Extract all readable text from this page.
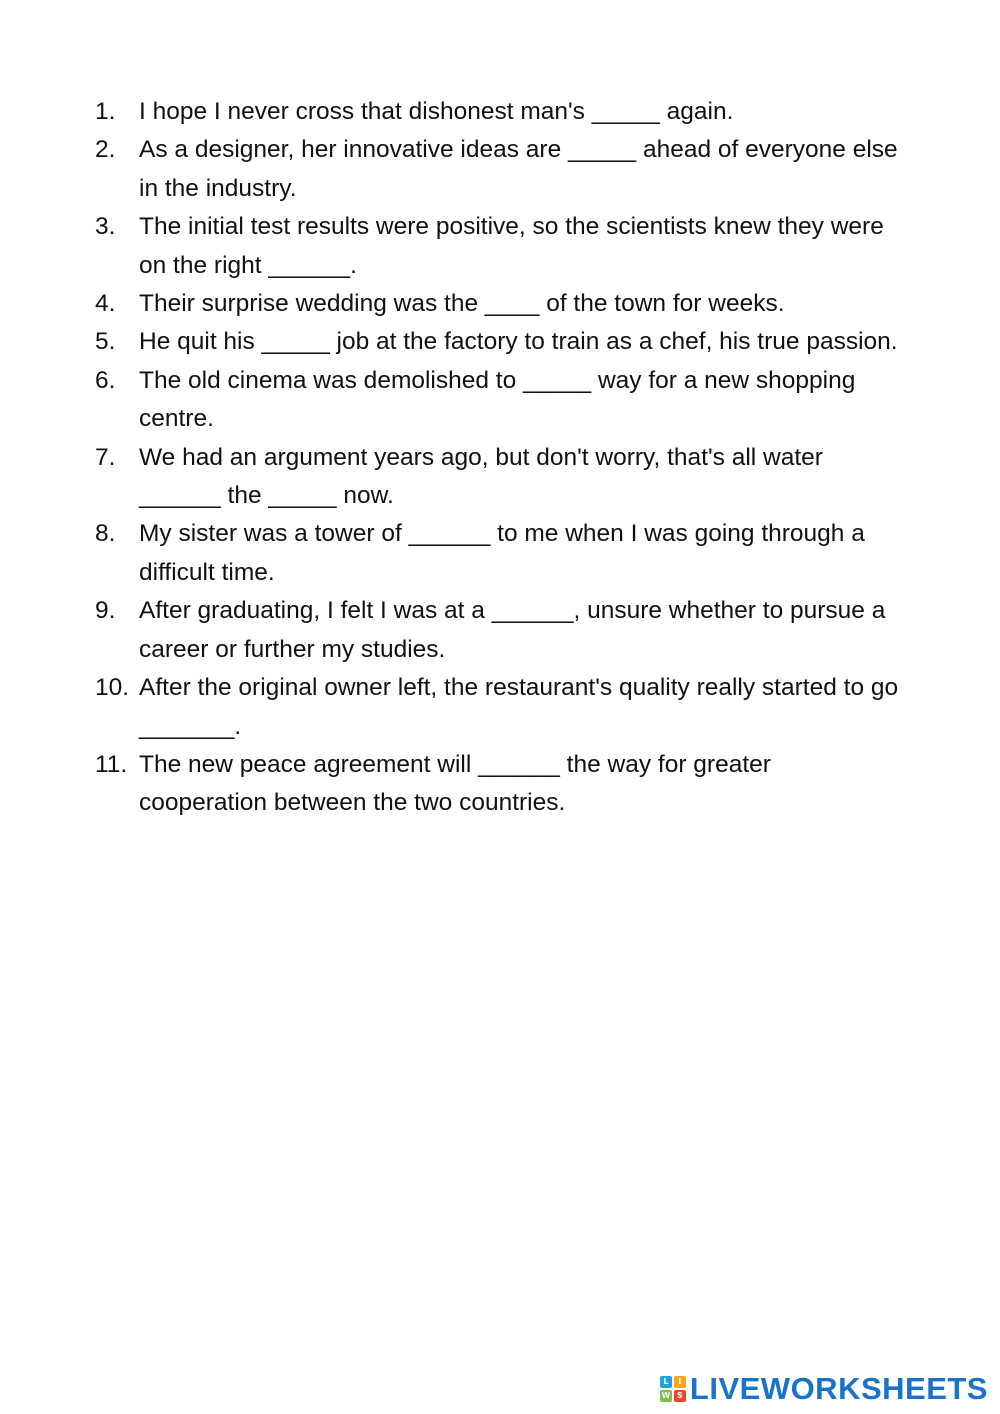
1. I hope I never cross that dishonest man's _____ again.
2. As a designer, her innovative ideas are _____ ahead of everyone else in the industry.
3. The initial test results were positive, so the scientists knew they were on the right ______.
4. Their surprise wedding was the ____ of the town for weeks.
5. He quit his _____ job at the factory to train as a chef, his true passion.
6. The old cinema was demolished to _____ way for a new shopping centre.
7. We had an argument years ago, but don't worry, that's all water ______ the _____ now.
8. My sister was a tower of ______ to me when I was going through a difficult time.
9. After graduating, I felt I was at a ______, unsure whether to pursue a career or further my studies.
10. After the original owner left, the restaurant's quality really started to go _______.
11. The new peace agreement will ______ the way for greater cooperation between the two countries.
L	I
W S LIVEWORKSHEETS
